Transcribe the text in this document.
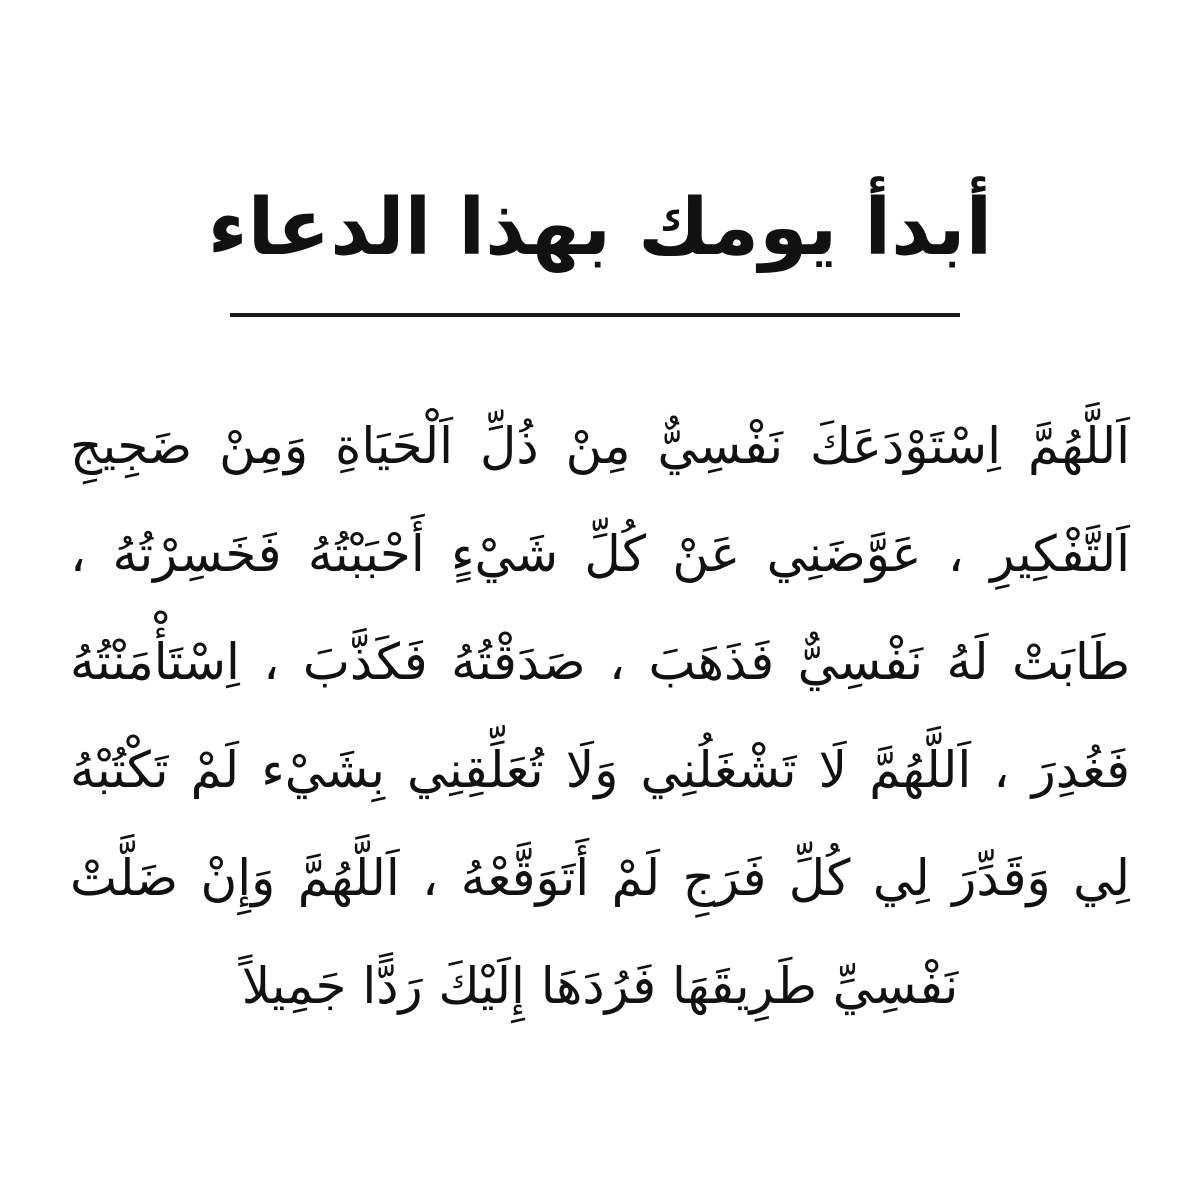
أبدأ يومك بهذا الدعاء
اَللَّهُمَّ اِسْتَوْدَعَكَ نَفْسِيٌّ مِنْ ذُلِّ اَلْحَيَاةِ وَمِنْ ضَجِيجِ
اَلتَّفْكِيرِ ، عَوَّضَنِي عَنْ كُلِّ شَيْءٍ أَحْبَبْتُهُ فَخَسِرْتُهُ ،
طَابَتْ لَهُ نَفْسِيٌّ فَذَهَبَ ، صَدَقْتُهُ فَكَذَّبَ ، اِسْتَأْمَنْتُهُ
فَغُدِرَ ، اَللَّهُمَّ لَا تَشْغَلُنِي وَلَا تُعَلِّقِنِي بِشَيْء لَمْ تَكْتُبْهُ
لِي وَقَدِّرَ لِي كُلِّ فَرَجِ لَمْ أَتَوَقَّعْهُ ، اَللَّهُمَّ وَإِنْ ضَلَّتْ
نَفْسِيِّ طَرِيقَهَا فَرُدَهَا إِلَيْكَ رَدًّا جَمِيلاً
